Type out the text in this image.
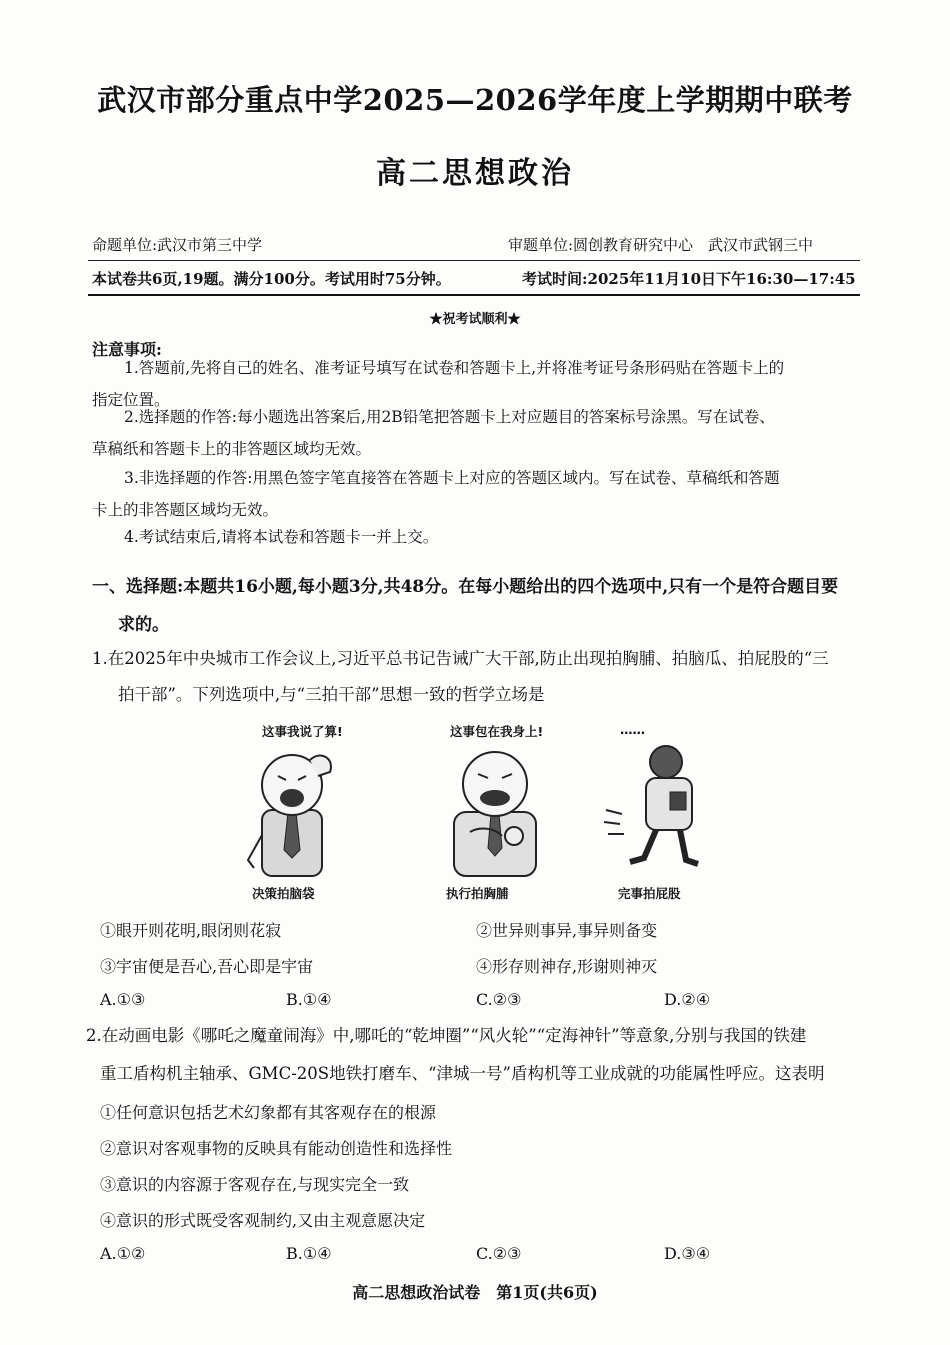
武汉市部分重点中学2025—2026学年度上学期期中联考
高二思想政治
命题单位:武汉市第三中学	审题单位:圆创教育研究中心　武汉市武钢三中
本试卷共6页,19题。满分100分。考试用时75分钟。	考试时间:2025年11月10日下午16:30—17:45
★祝考试顺利★
注意事项:
1.答题前,先将自己的姓名、准考证号填写在试卷和答题卡上,并将准考证号条形码贴在答题卡上的
指定位置。
2.选择题的作答:每小题选出答案后,用2B铅笔把答题卡上对应题目的答案标号涂黑。写在试卷、
草稿纸和答题卡上的非答题区域均无效。
3.非选择题的作答:用黑色签字笔直接答在答题卡上对应的答题区域内。写在试卷、草稿纸和答题
卡上的非答题区域均无效。
4.考试结束后,请将本试卷和答题卡一并上交。
一、选择题:本题共16小题,每小题3分,共48分。在每小题给出的四个选项中,只有一个是符合题目要
求的。
1.在2025年中央城市工作会议上,习近平总书记告诫广大干部,防止出现拍胸脯、拍脑瓜、拍屁股的“三
拍干部”。下列选项中,与“三拍干部”思想一致的哲学立场是
这事我说了算!	这事包在我身上!	……
决策拍脑袋	执行拍胸脯	完事拍屁股
①眼开则花明,眼闭则花寂	②世异则事异,事异则备变
③宇宙便是吾心,吾心即是宇宙	④形存则神存,形谢则神灭
A.①③	B.①④	C.②③	D.②④
2.在动画电影《哪吒之魔童闹海》中,哪吒的“乾坤圈”“风火轮”“定海神针”等意象,分别与我国的铁建
重工盾构机主轴承、GMC-20S地铁打磨车、“津城一号”盾构机等工业成就的功能属性呼应。这表明
①任何意识包括艺术幻象都有其客观存在的根源
②意识对客观事物的反映具有能动创造性和选择性
③意识的内容源于客观存在,与现实完全一致
④意识的形式既受客观制约,又由主观意愿决定
A.①②	B.①④	C.②③	D.③④
高二思想政治试卷　第1页(共6页)
